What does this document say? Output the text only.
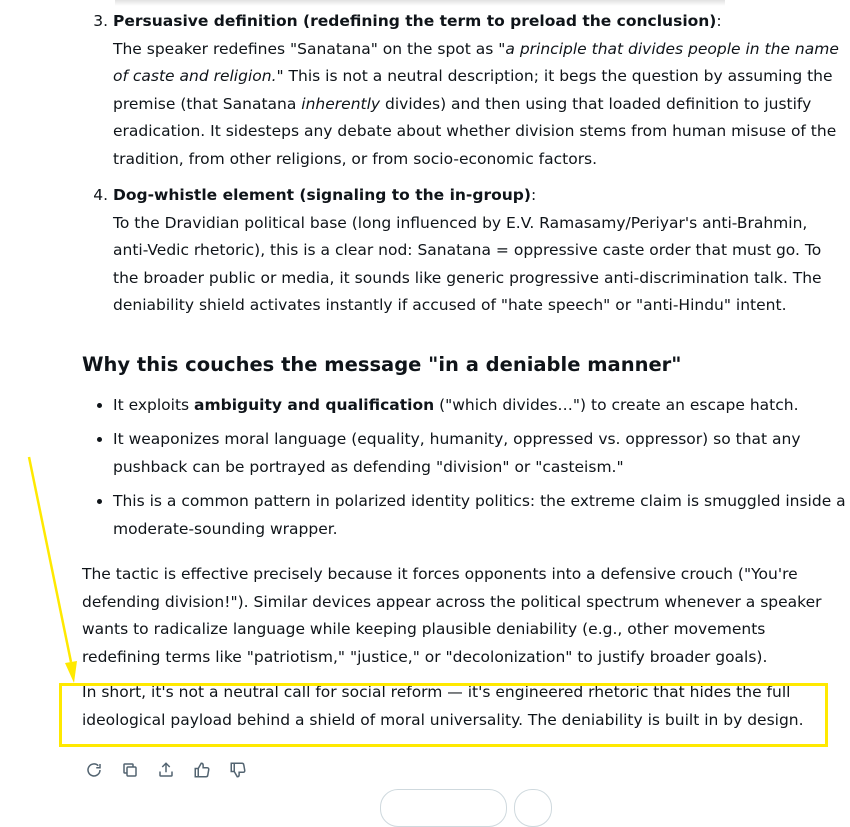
3. Persuasive definition (redefining the term to preload the conclusion):
The speaker redefines "Sanatana" on the spot as "a principle that divides people in the name of caste and religion." This is not a neutral description; it begs the question by assuming the premise (that Sanatana inherently divides) and then using that loaded definition to justify eradication. It sidesteps any debate about whether division stems from human misuse of the tradition, from other religions, or from socio-economic factors.
4. Dog-whistle element (signaling to the in-group):
To the Dravidian political base (long influenced by E.V. Ramasamy/Periyar's anti-Brahmin, anti-Vedic rhetoric), this is a clear nod: Sanatana = oppressive caste order that must go. To the broader public or media, it sounds like generic progressive anti-discrimination talk. The deniability shield activates instantly if accused of "hate speech" or "anti-Hindu" intent.
Why this couches the message "in a deniable manner"
• It exploits ambiguity and qualification ("which divides…") to create an escape hatch.
• It weaponizes moral language (equality, humanity, oppressed vs. oppressor) so that any pushback can be portrayed as defending "division" or "casteism."
• This is a common pattern in polarized identity politics: the extreme claim is smuggled inside a moderate-sounding wrapper.

The tactic is effective precisely because it forces opponents into a defensive crouch ("You're defending division!"). Similar devices appear across the political spectrum whenever a speaker wants to radicalize language while keeping plausible deniability (e.g., other movements redefining terms like "patriotism," "justice," or "decolonization" to justify broader goals).

In short, it's not a neutral call for social reform — it's engineered rhetoric that hides the full ideological payload behind a shield of moral universality. The deniability is built in by design.
